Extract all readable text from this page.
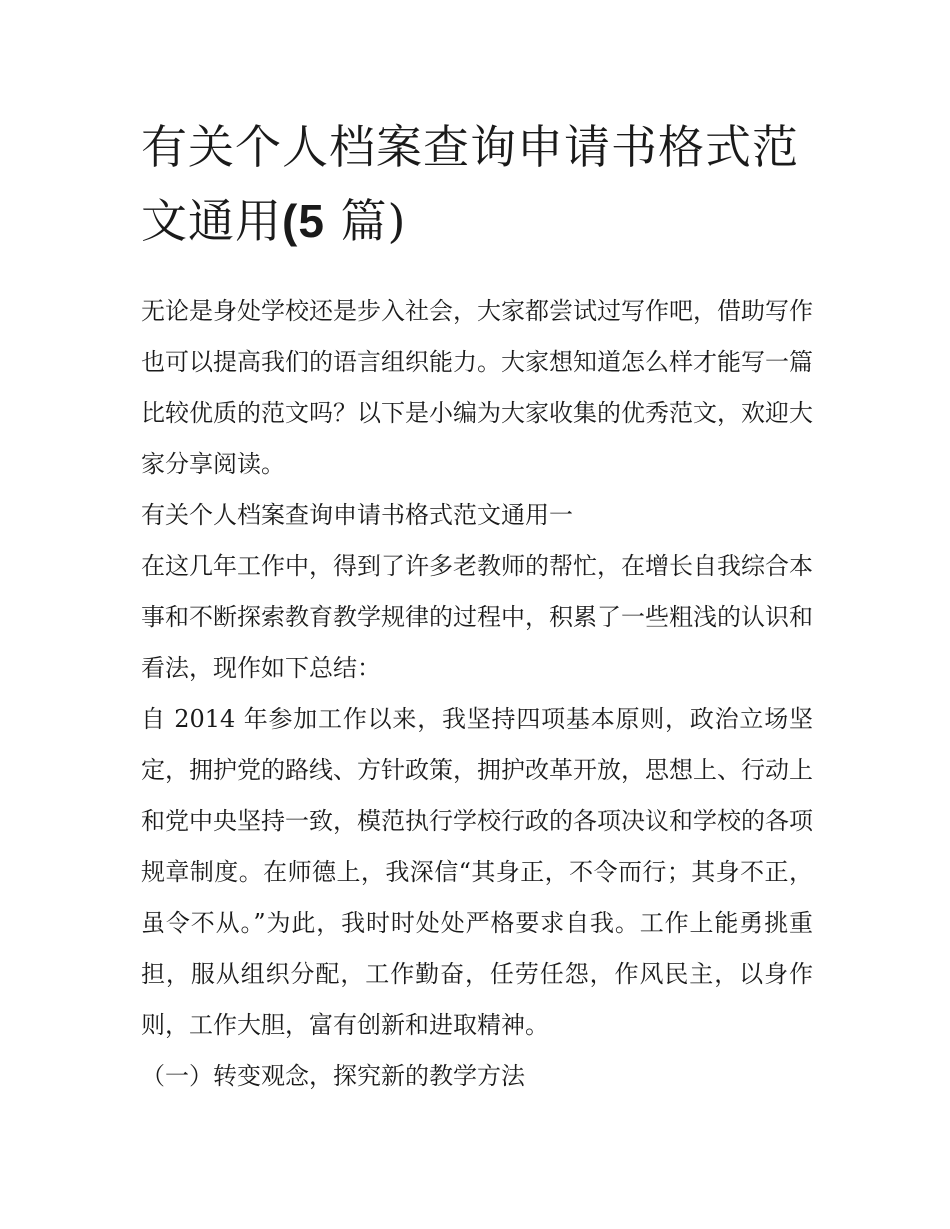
有关个人档案查询申请书格式范文通用(5 篇)

无论是身处学校还是步入社会，大家都尝试过写作吧，借助写作也可以提高我们的语言组织能力。大家想知道怎么样才能写一篇比较优质的范文吗？以下是小编为大家收集的优秀范文，欢迎大家分享阅读。

有关个人档案查询申请书格式范文通用一

在这几年工作中，得到了许多老教师的帮忙，在增长自我综合本事和不断探索教育教学规律的过程中，积累了一些粗浅的认识和看法，现作如下总结：

自 2014 年参加工作以来，我坚持四项基本原则，政治立场坚定，拥护党的路线、方针政策，拥护改革开放，思想上、行动上和党中央坚持一致，模范执行学校行政的各项决议和学校的各项规章制度。在师德上，我深信“其身正，不令而行；其身不正，虽令不从。”为此，我时时处处严格要求自我。工作上能勇挑重担，服从组织分配，工作勤奋，任劳任怨，作风民主，以身作则，工作大胆，富有创新和进取精神。

（一）转变观念，探究新的教学方法
